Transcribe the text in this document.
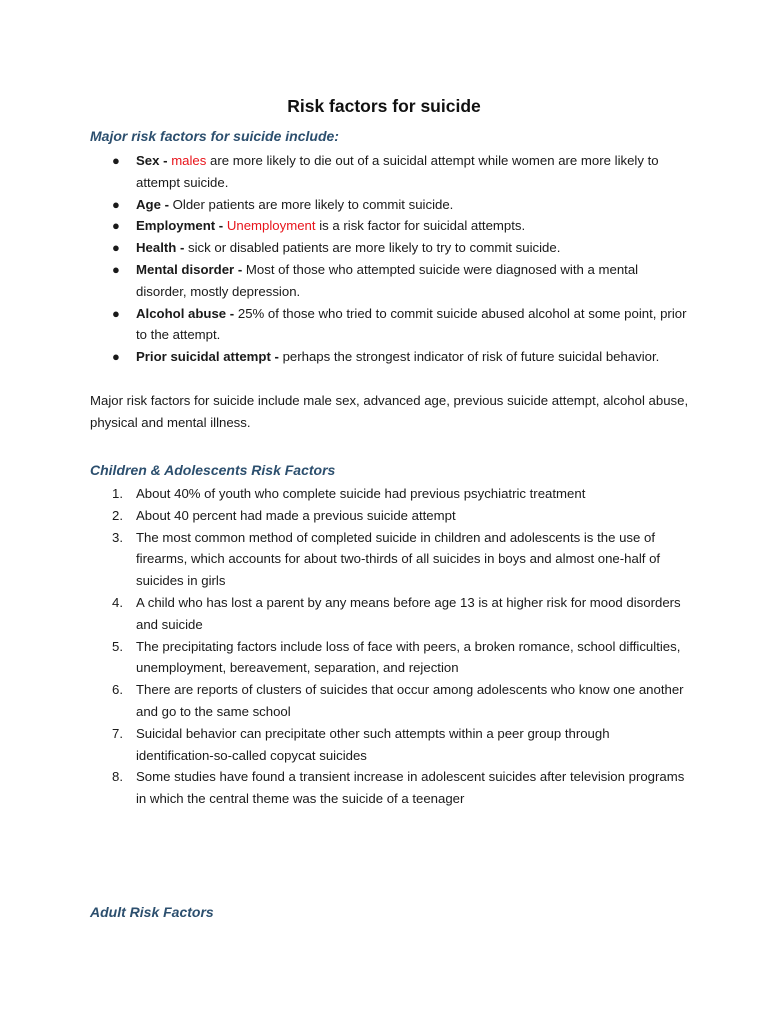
Risk factors for suicide
Major risk factors for suicide include:
● Sex - males are more likely to die out of a suicidal attempt while women are more likely to attempt suicide.
● Age - Older patients are more likely to commit suicide.
● Employment - Unemployment is a risk factor for suicidal attempts.
● Health - sick or disabled patients are more likely to try to commit suicide.
● Mental disorder - Most of those who attempted suicide were diagnosed with a mental disorder, mostly depression.
● Alcohol abuse - 25% of those who tried to commit suicide abused alcohol at some point, prior to the attempt.
● Prior suicidal attempt - perhaps the strongest indicator of risk of future suicidal behavior.

Major risk factors for suicide include male sex, advanced age, previous suicide attempt, alcohol abuse, physical and mental illness.

Children & Adolescents Risk Factors
1. About 40% of youth who complete suicide had previous psychiatric treatment
2. About 40 percent had made a previous suicide attempt
3. The most common method of completed suicide in children and adolescents is the use of firearms, which accounts for about two-thirds of all suicides in boys and almost one-half of suicides in girls
4. A child who has lost a parent by any means before age 13 is at higher risk for mood disorders and suicide
5. The precipitating factors include loss of face with peers, a broken romance, school difficulties, unemployment, bereavement, separation, and rejection
6. There are reports of clusters of suicides that occur among adolescents who know one another and go to the same school
7. Suicidal behavior can precipitate other such attempts within a peer group through identification-so-called copycat suicides
8. Some studies have found a transient increase in adolescent suicides after television programs in which the central theme was the suicide of a teenager
Adult Risk Factors
